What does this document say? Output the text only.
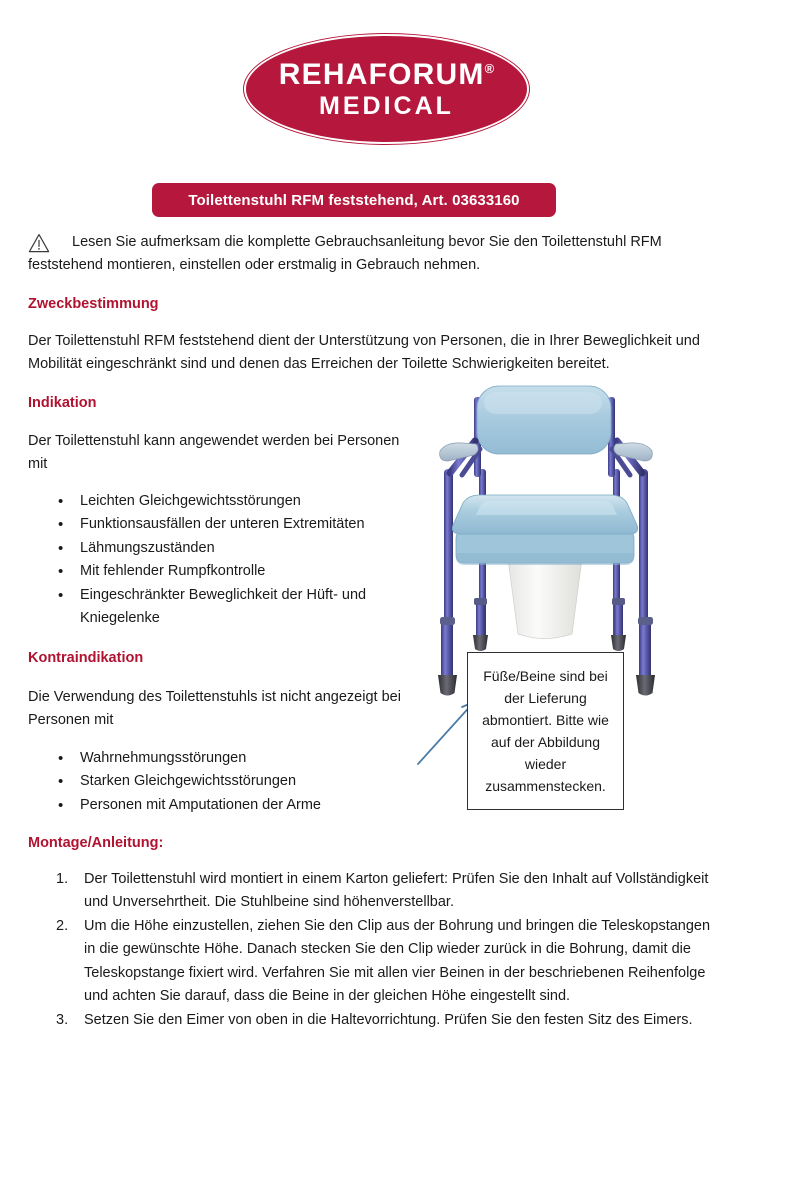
REHAFORUM®
MEDICAL
Toilettenstuhl RFM feststehend, Art. 03633160
Lesen Sie aufmerksam die komplette Gebrauchsanleitung bevor Sie den Toilettenstuhl RFM feststehend montieren, einstellen oder erstmalig in Gebrauch nehmen.
Zweckbestimmung
Der Toilettenstuhl RFM feststehend dient der Unterstützung von Personen, die in Ihrer Beweglichkeit und Mobilität eingeschränkt sind und denen das Erreichen der Toilette Schwierigkeiten bereitet.
Indikation
Der Toilettenstuhl kann angewendet werden bei Personen mit
• Leichten Gleichgewichtsstörungen
• Funktionsausfällen der unteren Extremitäten
• Lähmungszuständen
• Mit fehlender Rumpfkontrolle
• Eingeschränkter Beweglichkeit der Hüft- und Kniegelenke
Kontraindikation
Die Verwendung des Toilettenstuhls ist nicht angezeigt bei Personen mit
• Wahrnehmungsstörungen
• Starken Gleichgewichtsstörungen
• Personen mit Amputationen der Arme
Füße/Beine sind bei der Lieferung abmontiert. Bitte wie auf der Abbildung wieder zusammenstecken.
Montage/Anleitung:
Der Toilettenstuhl wird montiert in einem Karton geliefert: Prüfen Sie den Inhalt auf Vollständigkeit und Unversehrtheit. Die Stuhlbeine sind höhenverstellbar.
Um die Höhe einzustellen, ziehen Sie den Clip aus der Bohrung und bringen die Teleskopstangen in die gewünschte Höhe. Danach stecken Sie den Clip wieder zurück in die Bohrung, damit die Teleskopstange fixiert wird. Verfahren Sie mit allen vier Beinen in der beschriebenen Reihenfolge und achten Sie darauf, dass die Beine in der gleichen Höhe eingestellt sind.
Setzen Sie den Eimer von oben in die Haltevorrichtung. Prüfen Sie den festen Sitz des Eimers.
